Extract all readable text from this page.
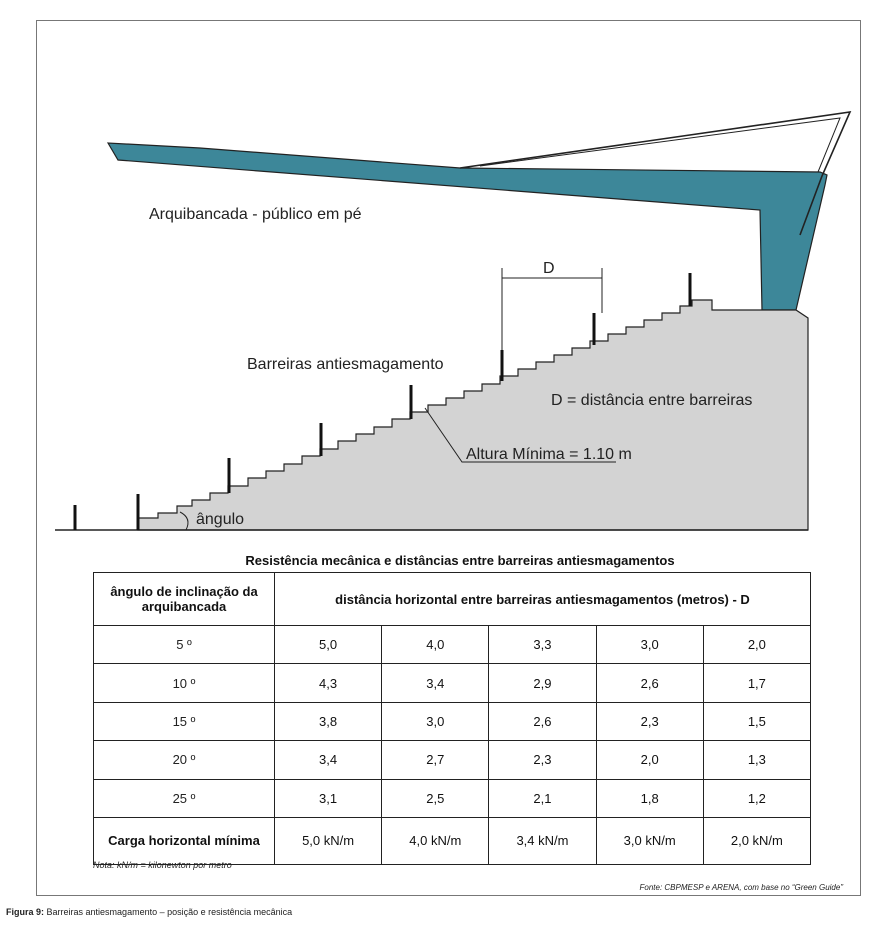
Arquibancada - público em pé
D
Barreiras antiesmagamento
D = distância entre barreiras
Altura Mínima = 1.10 m
ângulo
Resistência mecânica e distâncias entre barreiras antiesmagamentos
ângulo de inclinação da arquibancada	distância horizontal entre barreiras antiesmagamentos (metros) - D				
5 º	5,0	4,0	3,3	3,0	2,0
10 º	4,3	3,4	2,9	2,6	1,7
15 º	3,8	3,0	2,6	2,3	1,5
20 º	3,4	2,7	2,3	2,0	1,3
25 º	3,1	2,5	2,1	1,8	1,2
Carga horizontal mínima	5,0 kN/m	4,0 kN/m	3,4 kN/m	3,0 kN/m	2,0 kN/m
Nota: kN/m = kilonewton por metro
Fonte: CBPMESP e ARENA, com base no “Green Guide”
Figura 9: Barreiras antiesmagamento – posição e resistência mecânica
